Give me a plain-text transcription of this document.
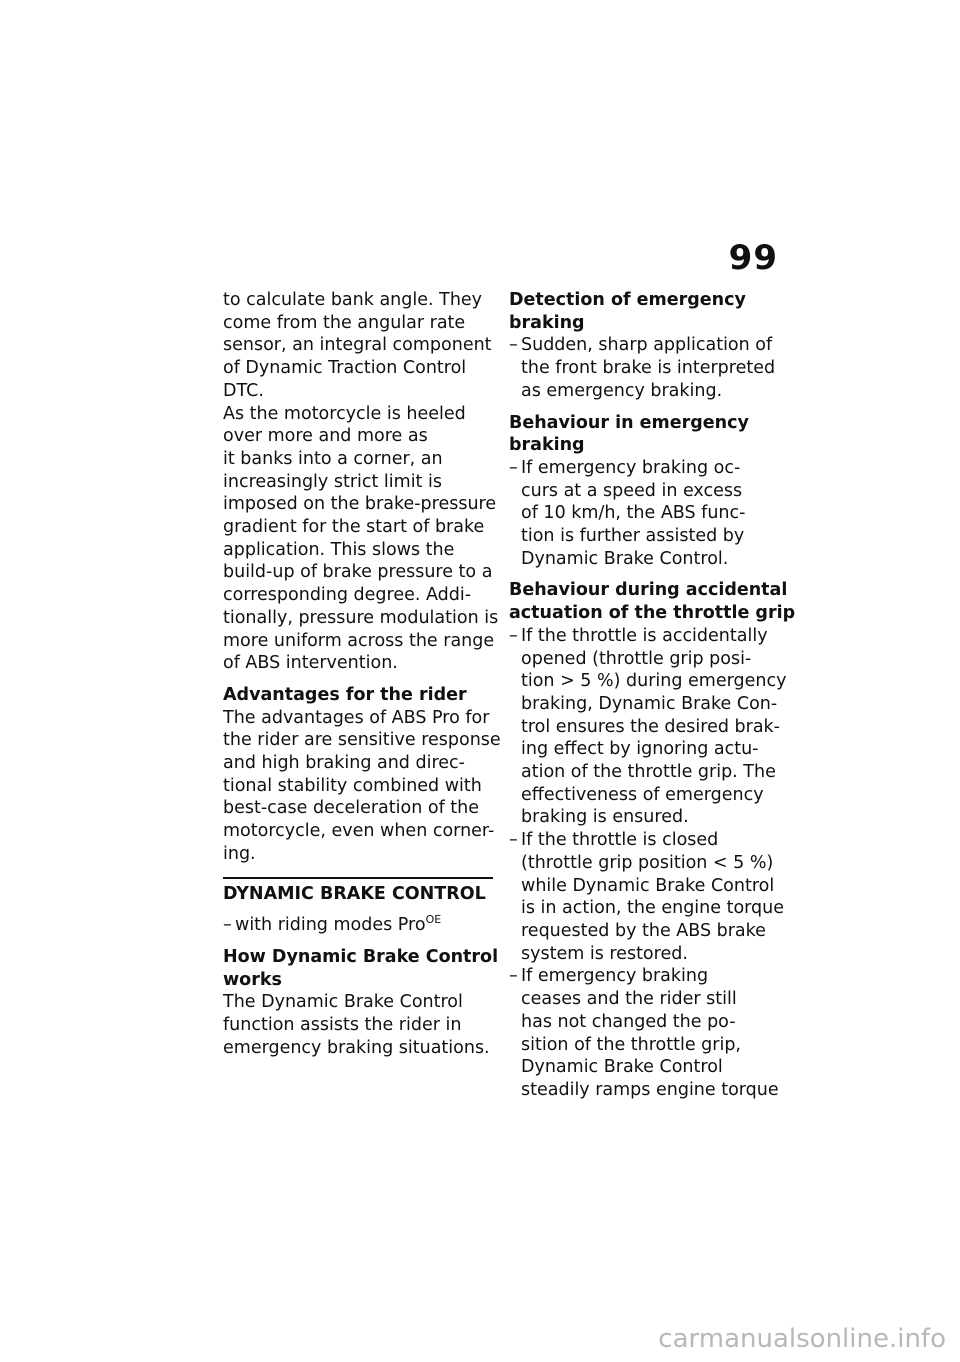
99
to calculate bank angle. They
come from the angular rate
sensor, an integral component
of Dynamic Traction Control
DTC.
As the motorcycle is heeled
over more and more as
it banks into a corner, an
increasingly strict limit is
imposed on the brake-pressure
gradient for the start of brake
application. This slows the
build-up of brake pressure to a
corresponding degree. Addi-
tionally, pressure modulation is
more uniform across the range
of ABS intervention.
Advantages for the rider
The advantages of ABS Pro for
the rider are sensitive response
and high braking and direc-
tional stability combined with
best-case deceleration of the
motorcycle, even when corner-
ing.
DYNAMIC BRAKE CONTROL
– with riding modes Pro$^{OE}$
How Dynamic Brake Control
works
The Dynamic Brake Control
function assists the rider in
emergency braking situations.
Detection of emergency
braking
– Sudden, sharp application of
the front brake is interpreted
as emergency braking.
Behaviour in emergency
braking
– If emergency braking oc-
curs at a speed in excess
of 10 km/h, the ABS func-
tion is further assisted by
Dynamic Brake Control.
Behaviour during accidental
actuation of the throttle grip
– If the throttle is accidentally
opened (throttle grip posi-
tion > 5 %) during emergency
braking, Dynamic Brake Con-
trol ensures the desired brak-
ing effect by ignoring actu-
ation of the throttle grip. The
effectiveness of emergency
braking is ensured.
– If the throttle is closed
(throttle grip position < 5 %)
while Dynamic Brake Control
is in action, the engine torque
requested by the ABS brake
system is restored.
– If emergency braking
ceases and the rider still
has not changed the po-
sition of the throttle grip,
Dynamic Brake Control
steadily ramps engine torque
carmanualsonline.info
